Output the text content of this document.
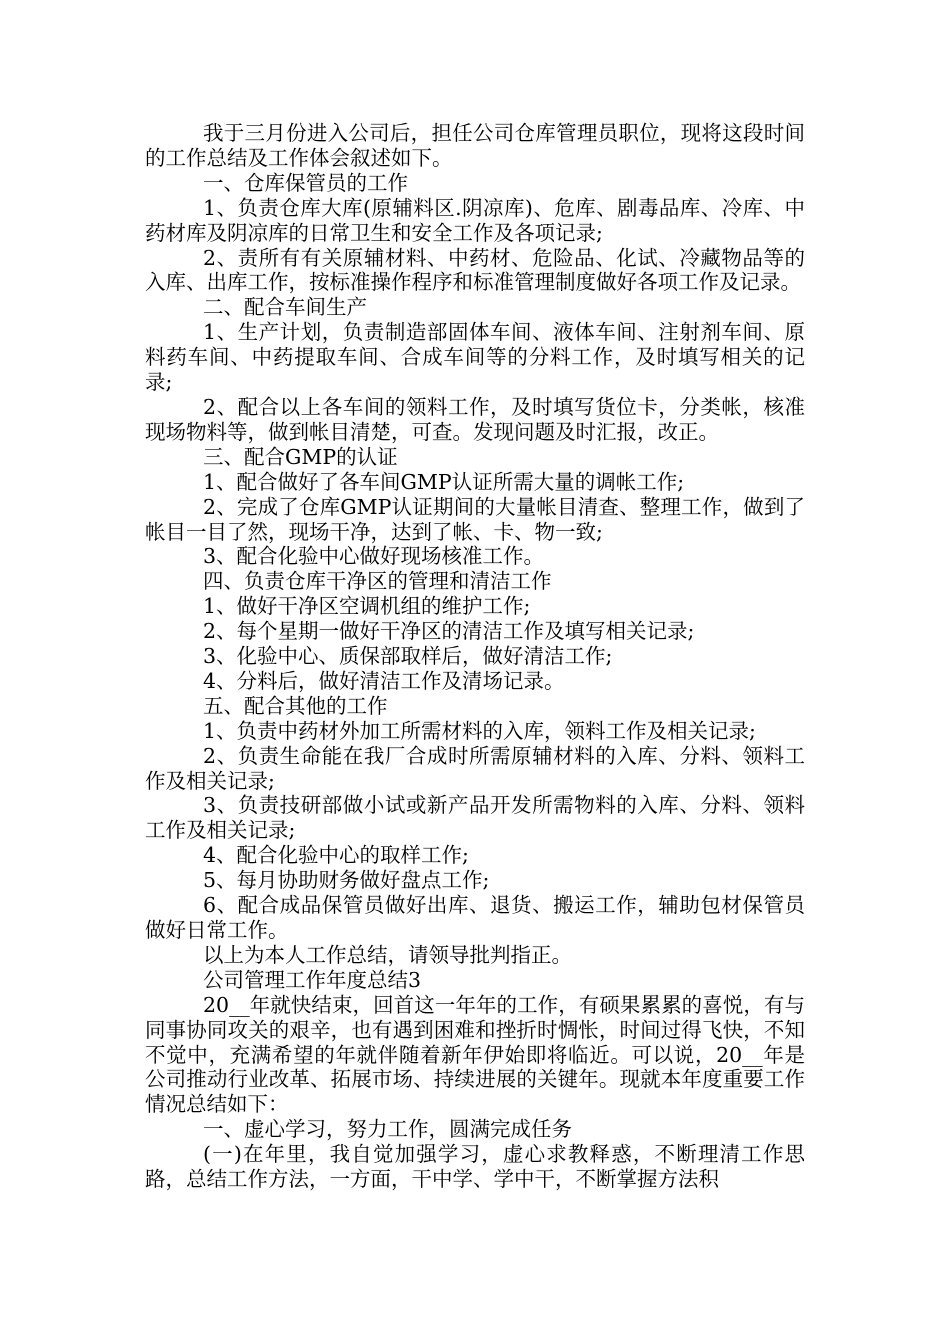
我于三月份进入公司后，担任公司仓库管理员职位，现将这段时间的工作总结及工作体会叙述如下。

一、仓库保管员的工作

1、负责仓库大库(原辅料区.阴凉库)、危库、剧毒品库、冷库、中药材库及阴凉库的日常卫生和安全工作及各项记录;

2、责所有有关原辅材料、中药材、危险品、化试、冷藏物品等的入库、出库工作，按标准操作程序和标准管理制度做好各项工作及记录。

二、配合车间生产

1、生产计划，负责制造部固体车间、液体车间、注射剂车间、原料药车间、中药提取车间、合成车间等的分料工作，及时填写相关的记录;

2、配合以上各车间的领料工作，及时填写货位卡，分类帐，核准现场物料等，做到帐目清楚，可查。发现问题及时汇报，改正。

三、配合GMP的认证

1、配合做好了各车间GMP认证所需大量的调帐工作;

2、完成了仓库GMP认证期间的大量帐目清查、整理工作，做到了帐目一目了然，现场干净，达到了帐、卡、物一致;

3、配合化验中心做好现场核准工作。

四、负责仓库干净区的管理和清洁工作

1、做好干净区空调机组的维护工作;

2、每个星期一做好干净区的清洁工作及填写相关记录;

3、化验中心、质保部取样后，做好清洁工作;

4、分料后，做好清洁工作及清场记录。

五、配合其他的工作

1、负责中药材外加工所需材料的入库，领料工作及相关记录;

2、负责生命能在我厂合成时所需原辅材料的入库、分料、领料工作及相关记录;

3、负责技研部做小试或新产品开发所需物料的入库、分料、领料工作及相关记录;

4、配合化验中心的取样工作;

5、每月协助财务做好盘点工作;

6、配合成品保管员做好出库、退货、搬运工作，辅助包材保管员做好日常工作。

以上为本人工作总结，请领导批判指正。

公司管理工作年度总结3

20__年就快结束，回首这一年年的工作，有硕果累累的喜悦，有与同事协同攻关的艰辛，也有遇到困难和挫折时惆怅，时间过得飞快，不知不觉中，充满希望的年就伴随着新年伊始即将临近。可以说，20__年是公司推动行业改革、拓展市场、持续进展的关键年。现就本年度重要工作情况总结如下：

一、虚心学习，努力工作，圆满完成任务

(一)在年里，我自觉加强学习，虚心求教释惑，不断理清工作思路，总结工作方法，一方面，干中学、学中干，不断掌握方法积
